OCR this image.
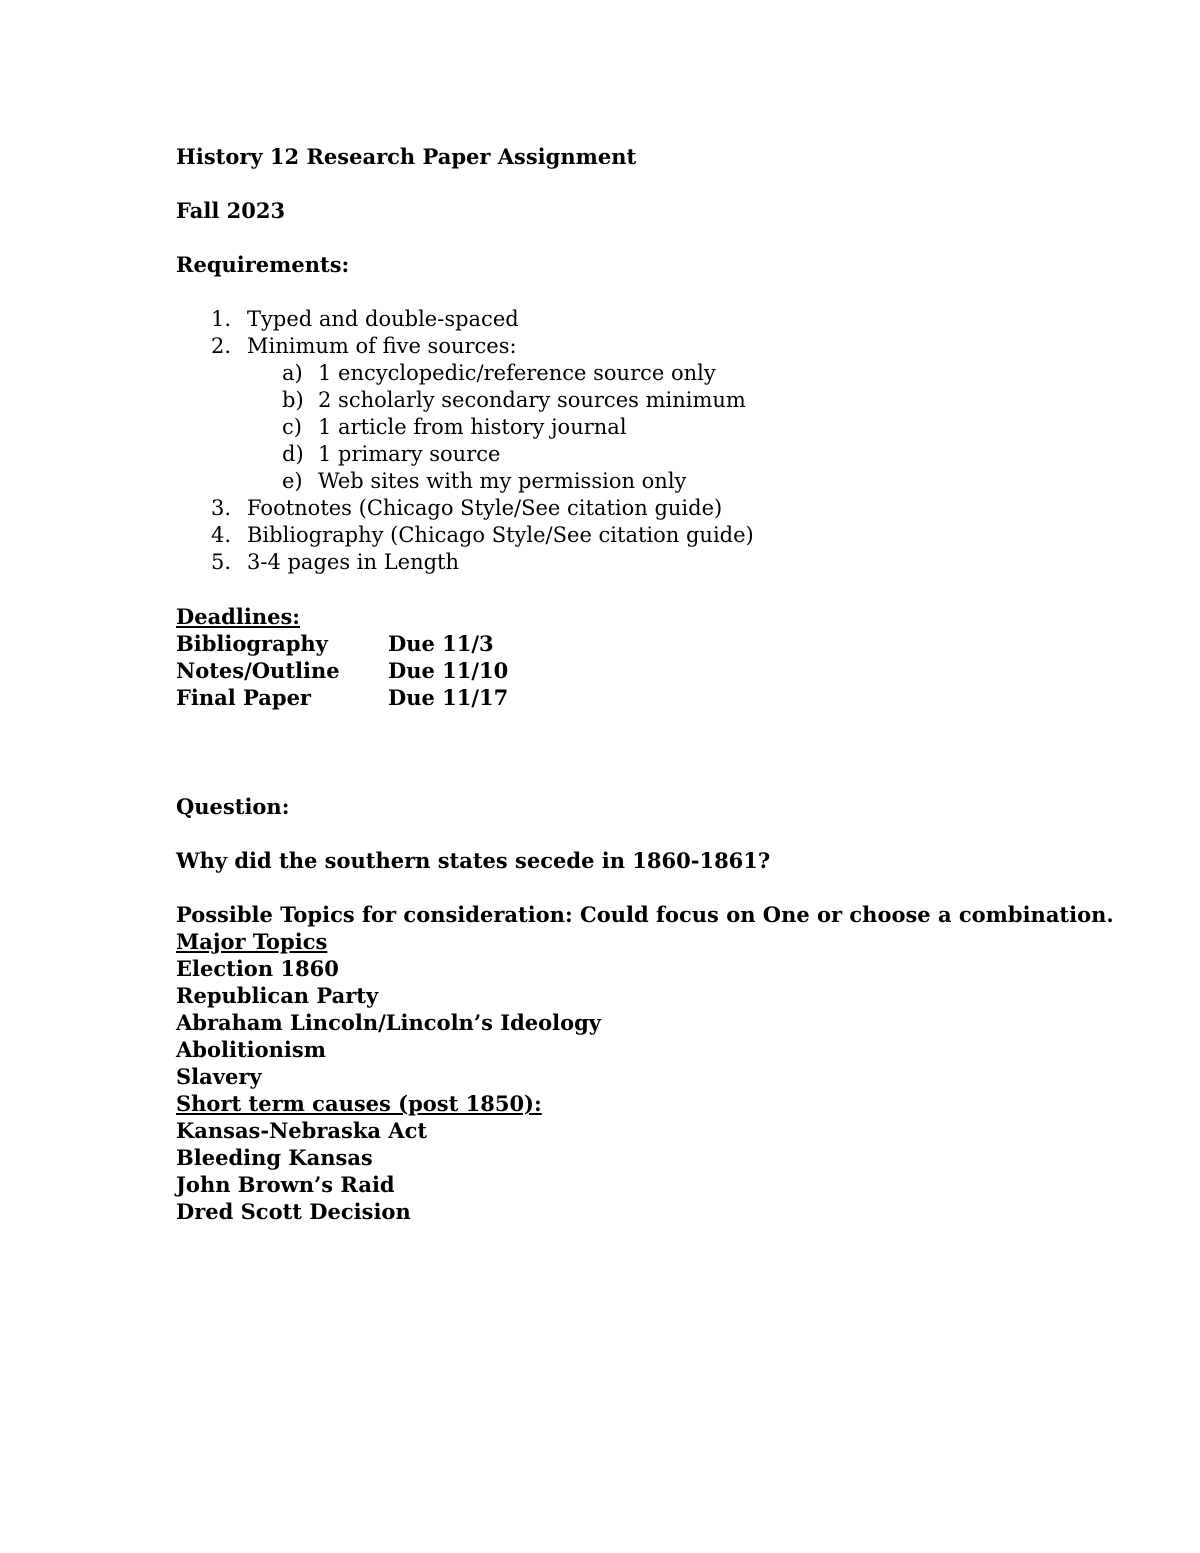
History 12 Research Paper Assignment
Fall 2023
Requirements:
1. Typed and double-spaced
2. Minimum of five sources:
a) 1 encyclopedic/reference source only
b) 2 scholarly secondary sources minimum
c) 1 article from history journal
d) 1 primary source
e) Web sites with my permission only
3. Footnotes (Chicago Style/See citation guide)
4. Bibliography (Chicago Style/See citation guide)
5. 3-4 pages in Length
Deadlines:
Bibliography	Due 11/3
Notes/Outline Due 11/10
Final Paper	Due 11/17
Question:
Why did the southern states secede in 1860-1861?
Possible Topics for consideration: Could focus on One or choose a combination.
Major Topics
Election 1860
Republican Party
Abraham Lincoln/Lincoln’s Ideology
Abolitionism
Slavery
Short term causes (post 1850):
Kansas-Nebraska Act
Bleeding Kansas
John Brown’s Raid
Dred Scott Decision
